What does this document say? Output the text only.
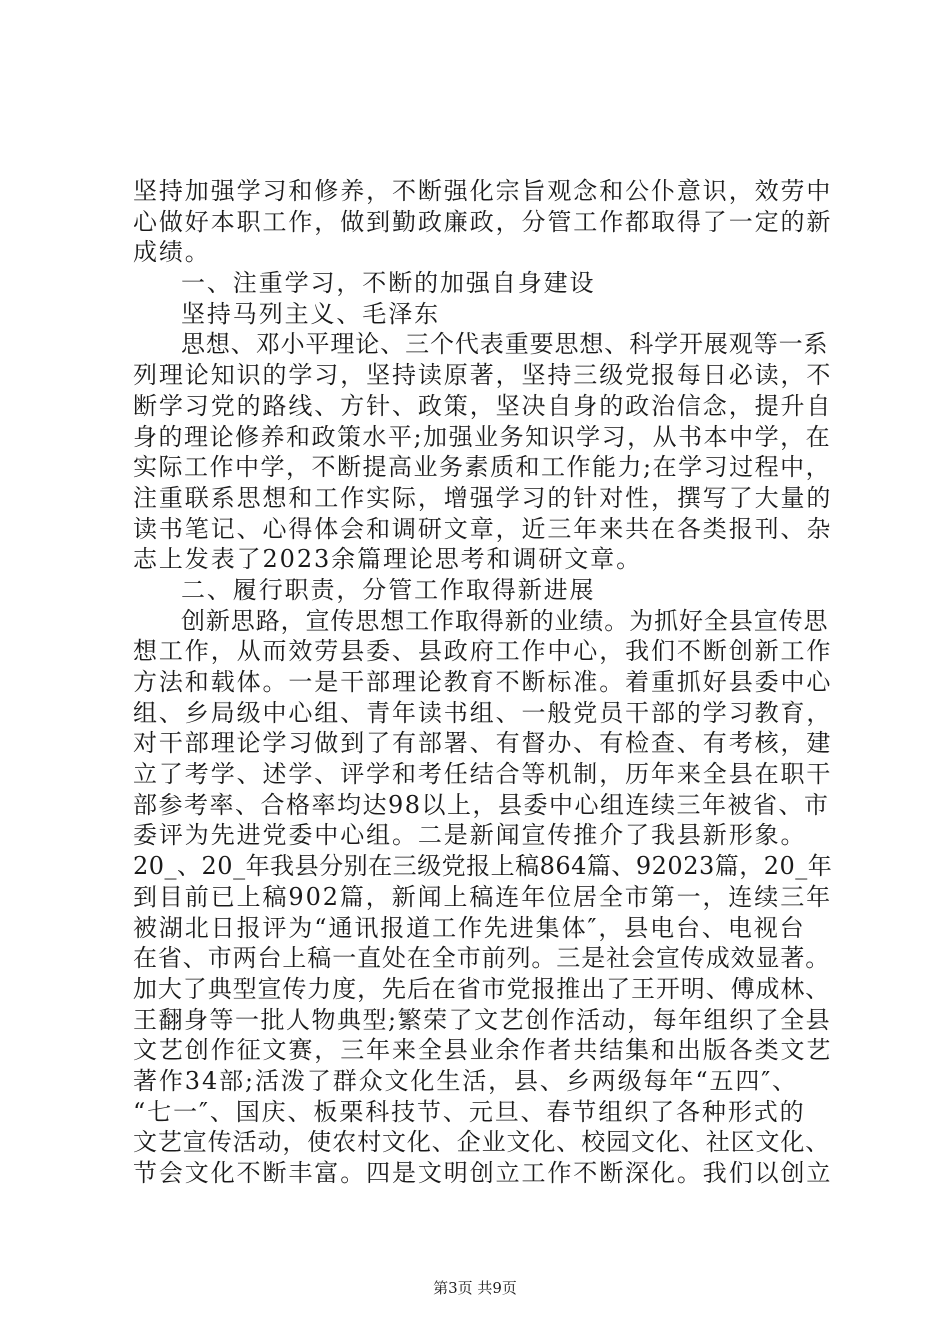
坚持加强学习和修养，不断强化宗旨观念和公仆意识，效劳中
心做好本职工作，做到勤政廉政，分管工作都取得了一定的新
成绩。
一、注重学习，不断的加强自身建设
坚持马列主义、毛泽东
思想、邓小平理论、三个代表重要思想、科学开展观等一系
列理论知识的学习，坚持读原著，坚持三级党报每日必读，不
断学习党的路线、方针、政策，坚决自身的政治信念，提升自
身的理论修养和政策水平;加强业务知识学习，从书本中学，在
实际工作中学，不断提高业务素质和工作能力;在学习过程中，
注重联系思想和工作实际，增强学习的针对性，撰写了大量的
读书笔记、心得体会和调研文章，近三年来共在各类报刊、杂
志上发表了2023余篇理论思考和调研文章。
二、履行职责，分管工作取得新进展
创新思路，宣传思想工作取得新的业绩。为抓好全县宣传思
想工作，从而效劳县委、县政府工作中心，我们不断创新工作
方法和载体。一是干部理论教育不断标准。着重抓好县委中心
组、乡局级中心组、青年读书组、一般党员干部的学习教育，
对干部理论学习做到了有部署、有督办、有检查、有考核，建
立了考学、述学、评学和考任结合等机制，历年来全县在职干
部参考率、合格率均达98以上，县委中心组连续三年被省、市
委评为先进党委中心组。二是新闻宣传推介了我县新形象。
20_、20_年我县分别在三级党报上稿864篇、92023篇，20_年
到目前已上稿902篇，新闻上稿连年位居全市第一，连续三年
被湖北日报评为“通讯报道工作先进集体″，县电台、电视台
在省、市两台上稿一直处在全市前列。三是社会宣传成效显著。
加大了典型宣传力度，先后在省市党报推出了王开明、傅成林、
王翻身等一批人物典型;繁荣了文艺创作活动，每年组织了全县
文艺创作征文赛，三年来全县业余作者共结集和出版各类文艺
著作34部;活泼了群众文化生活，县、乡两级每年“五四″、
“七一″、国庆、板栗科技节、元旦、春节组织了各种形式的
文艺宣传活动，使农村文化、企业文化、校园文化、社区文化、
节会文化不断丰富。四是文明创立工作不断深化。我们以创立
第3页 共9页
